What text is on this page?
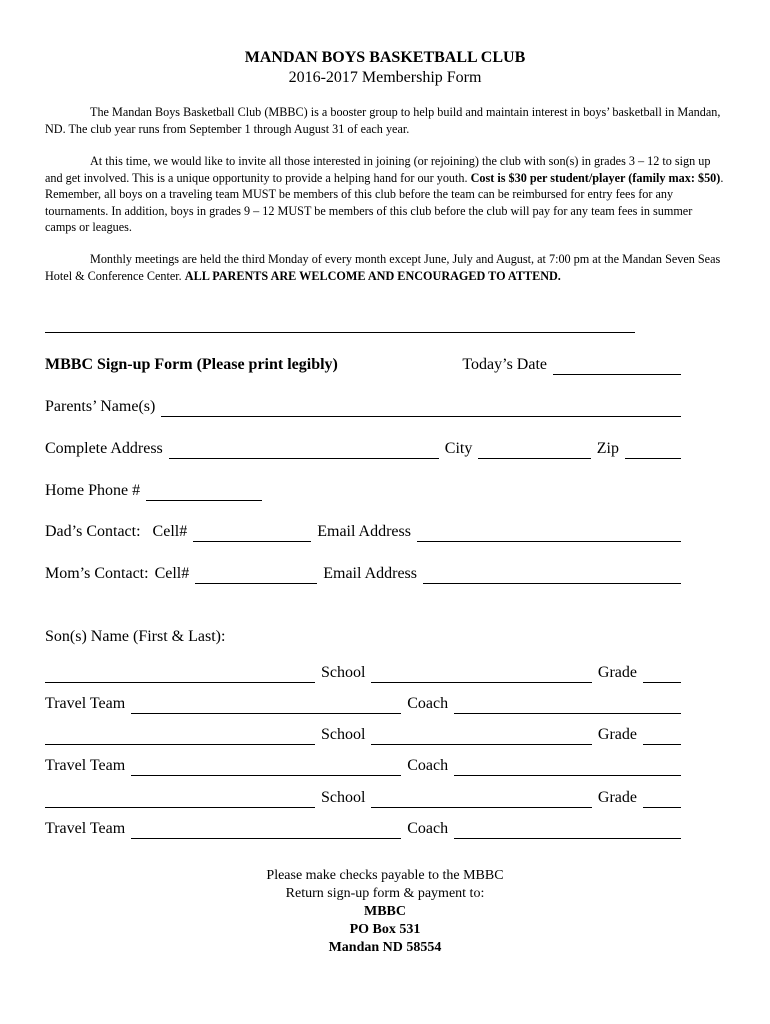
MANDAN BOYS BASKETBALL CLUB
2016-2017 Membership Form
The Mandan Boys Basketball Club (MBBC) is a booster group to help build and maintain interest in boys’ basketball in Mandan, ND. The club year runs from September 1 through August 31 of each year.
At this time, we would like to invite all those interested in joining (or rejoining) the club with son(s) in grades 3 – 12 to sign up and get involved. This is a unique opportunity to provide a helping hand for our youth. Cost is $30 per student/player (family max: $50). Remember, all boys on a traveling team MUST be members of this club before the team can be reimbursed for entry fees for any tournaments. In addition, boys in grades 9 – 12 MUST be members of this club before the club will pay for any team fees in summer camps or leagues.
Monthly meetings are held the third Monday of every month except June, July and August, at 7:00 pm at the Mandan Seven Seas Hotel & Conference Center. ALL PARENTS ARE WELCOME AND ENCOURAGED TO ATTEND.
MBBC Sign-up Form (Please print legibly)	Today’s Date
Parents’ Name(s)
Complete Address	City	Zip
Home Phone #
Dad’s Contact: Cell#	Email Address
Mom’s Contact: Cell#	Email Address
Son(s) Name (First & Last):
School	Grade
Travel Team	Coach
School	Grade
Travel Team	Coach
School	Grade
Travel Team	Coach
Please make checks payable to the MBBC
Return sign-up form & payment to:
MBBC
PO Box 531
Mandan ND 58554
